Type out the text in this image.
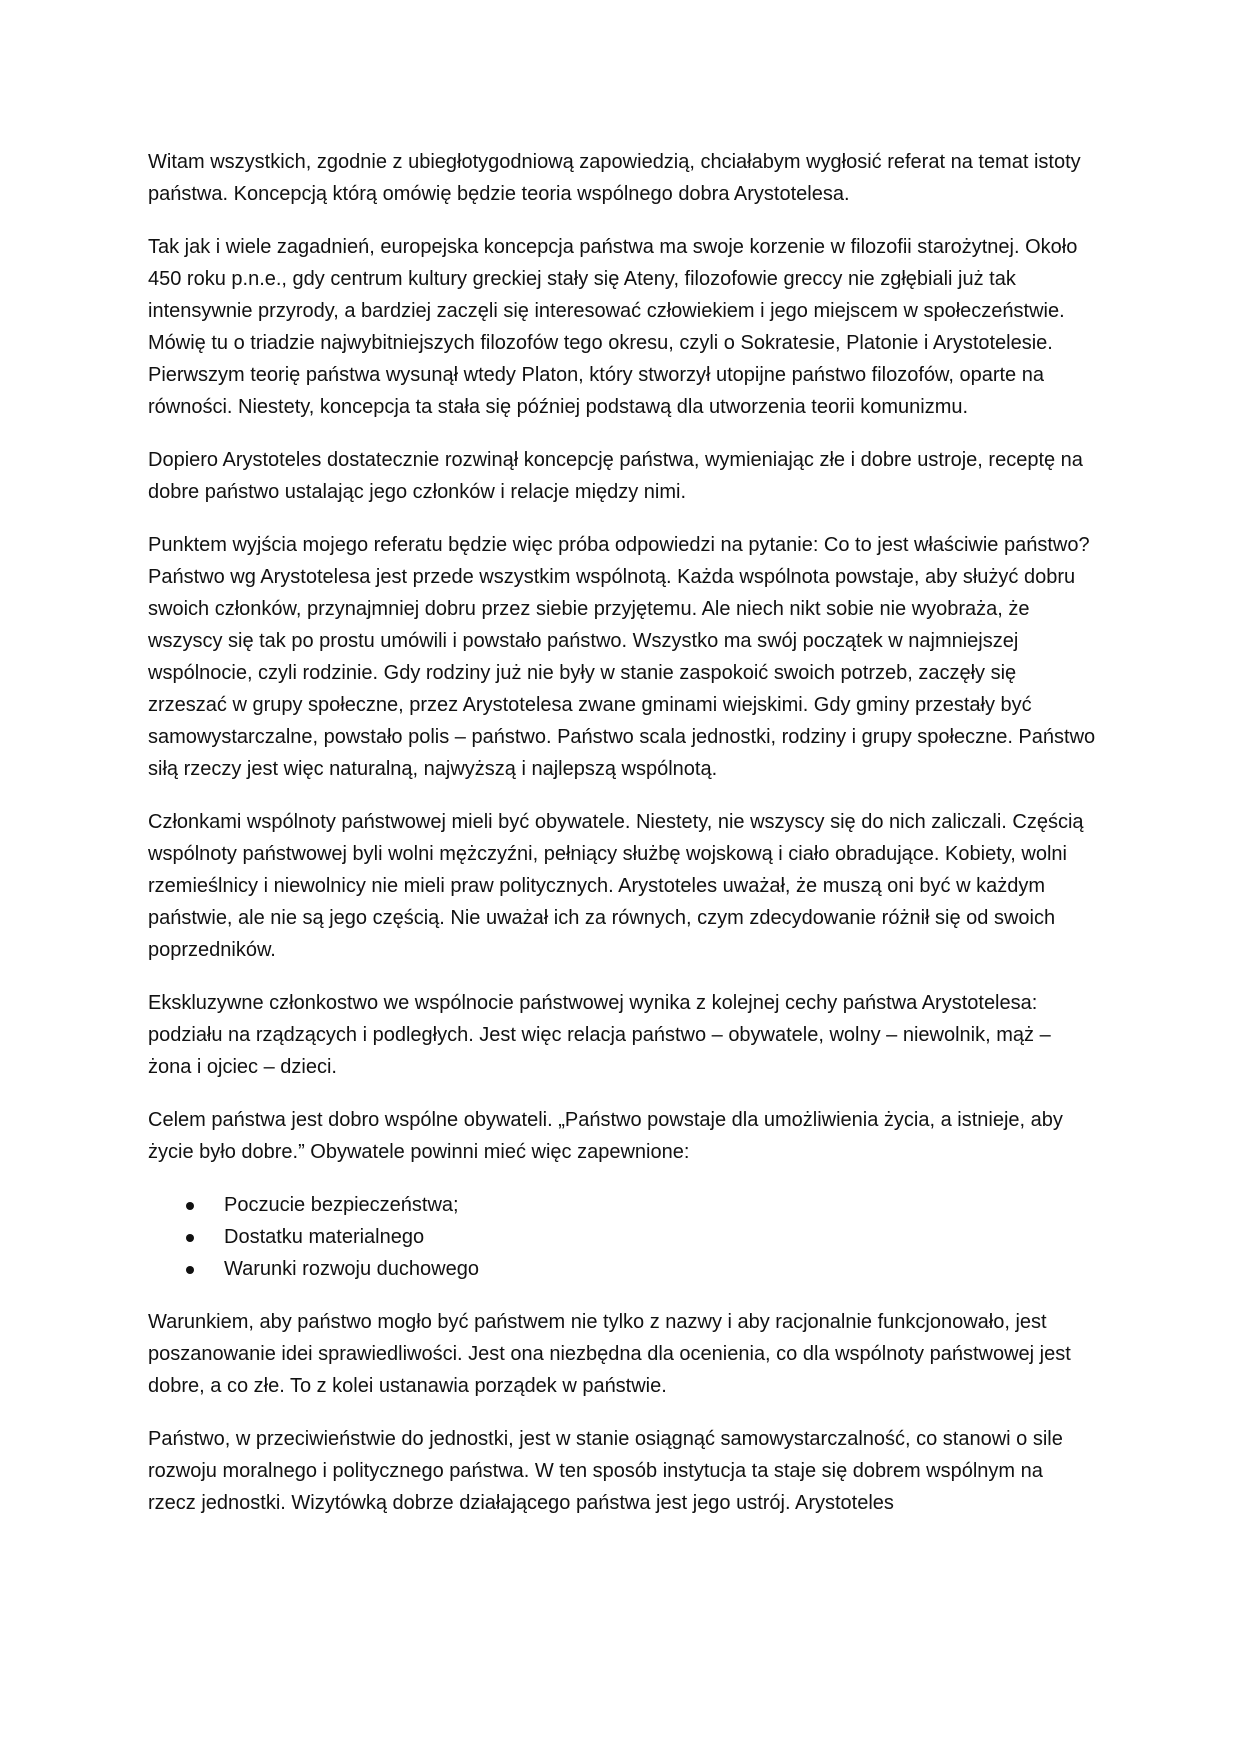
Witam wszystkich, zgodnie z ubiegłotygodniową zapowiedzią, chciałabym wygłosić referat na temat istoty państwa. Koncepcją którą omówię będzie teoria wspólnego dobra Arystotelesa.

Tak jak i wiele zagadnień, europejska koncepcja państwa ma swoje korzenie w filozofii starożytnej. Około 450 roku p.n.e., gdy centrum kultury greckiej stały się Ateny, filozofowie greccy nie zgłębiali już tak intensywnie przyrody, a bardziej zaczęli się interesować człowiekiem i jego miejscem w społeczeństwie. Mówię tu o triadzie najwybitniejszych filozofów tego okresu, czyli o Sokratesie, Platonie i Arystotelesie. Pierwszym teorię państwa wysunął wtedy Platon, który stworzył utopijne państwo filozofów, oparte na równości. Niestety, koncepcja ta stała się później podstawą dla utworzenia teorii komunizmu.

Dopiero Arystoteles dostatecznie rozwinął koncepcję państwa, wymieniając złe i dobre ustroje, receptę na dobre państwo ustalając jego członków i relacje między nimi.

Punktem wyjścia mojego referatu będzie więc próba odpowiedzi na pytanie: Co to jest właściwie państwo? Państwo wg Arystotelesa jest przede wszystkim wspólnotą. Każda wspólnota powstaje, aby służyć dobru swoich członków, przynajmniej dobru przez siebie przyjętemu. Ale niech nikt sobie nie wyobraża, że wszyscy się tak po prostu umówili i powstało państwo. Wszystko ma swój początek w najmniejszej wspólnocie, czyli rodzinie. Gdy rodziny już nie były w stanie zaspokoić swoich potrzeb, zaczęły się zrzeszać w grupy społeczne, przez Arystotelesa zwane gminami wiejskimi. Gdy gminy przestały być samowystarczalne, powstało polis – państwo. Państwo scala jednostki, rodziny i grupy społeczne. Państwo siłą rzeczy jest więc naturalną, najwyższą i najlepszą wspólnotą.

Członkami wspólnoty państwowej mieli być obywatele. Niestety, nie wszyscy się do nich zaliczali. Częścią wspólnoty państwowej byli wolni mężczyźni, pełniący służbę wojskową i ciało obradujące. Kobiety, wolni rzemieślnicy i niewolnicy nie mieli praw politycznych. Arystoteles uważał, że muszą oni być w każdym państwie, ale nie są jego częścią. Nie uważał ich za równych, czym zdecydowanie różnił się od swoich poprzedników.

Ekskluzywne członkostwo we wspólnocie państwowej wynika z kolejnej cechy państwa Arystotelesa: podziału na rządzących i podległych. Jest więc relacja państwo – obywatele, wolny – niewolnik, mąż – żona i ojciec – dzieci.

Celem państwa jest dobro wspólne obywateli. „Państwo powstaje dla umożliwienia życia, a istnieje, aby życie było dobre.” Obywatele powinni mieć więc zapewnione:

Poczucie bezpieczeństwa;
Dostatku materialnego
Warunki rozwoju duchowego

Warunkiem, aby państwo mogło być państwem nie tylko z nazwy i aby racjonalnie funkcjonowało, jest poszanowanie idei sprawiedliwości. Jest ona niezbędna dla ocenienia, co dla wspólnoty państwowej jest dobre, a co złe. To z kolei ustanawia porządek w państwie.

Państwo, w przeciwieństwie do jednostki, jest w stanie osiągnąć samowystarczalność, co stanowi o sile rozwoju moralnego i politycznego państwa. W ten sposób instytucja ta staje się dobrem wspólnym na rzecz jednostki. Wizytówką dobrze działającego państwa jest jego ustrój. Arystoteles
